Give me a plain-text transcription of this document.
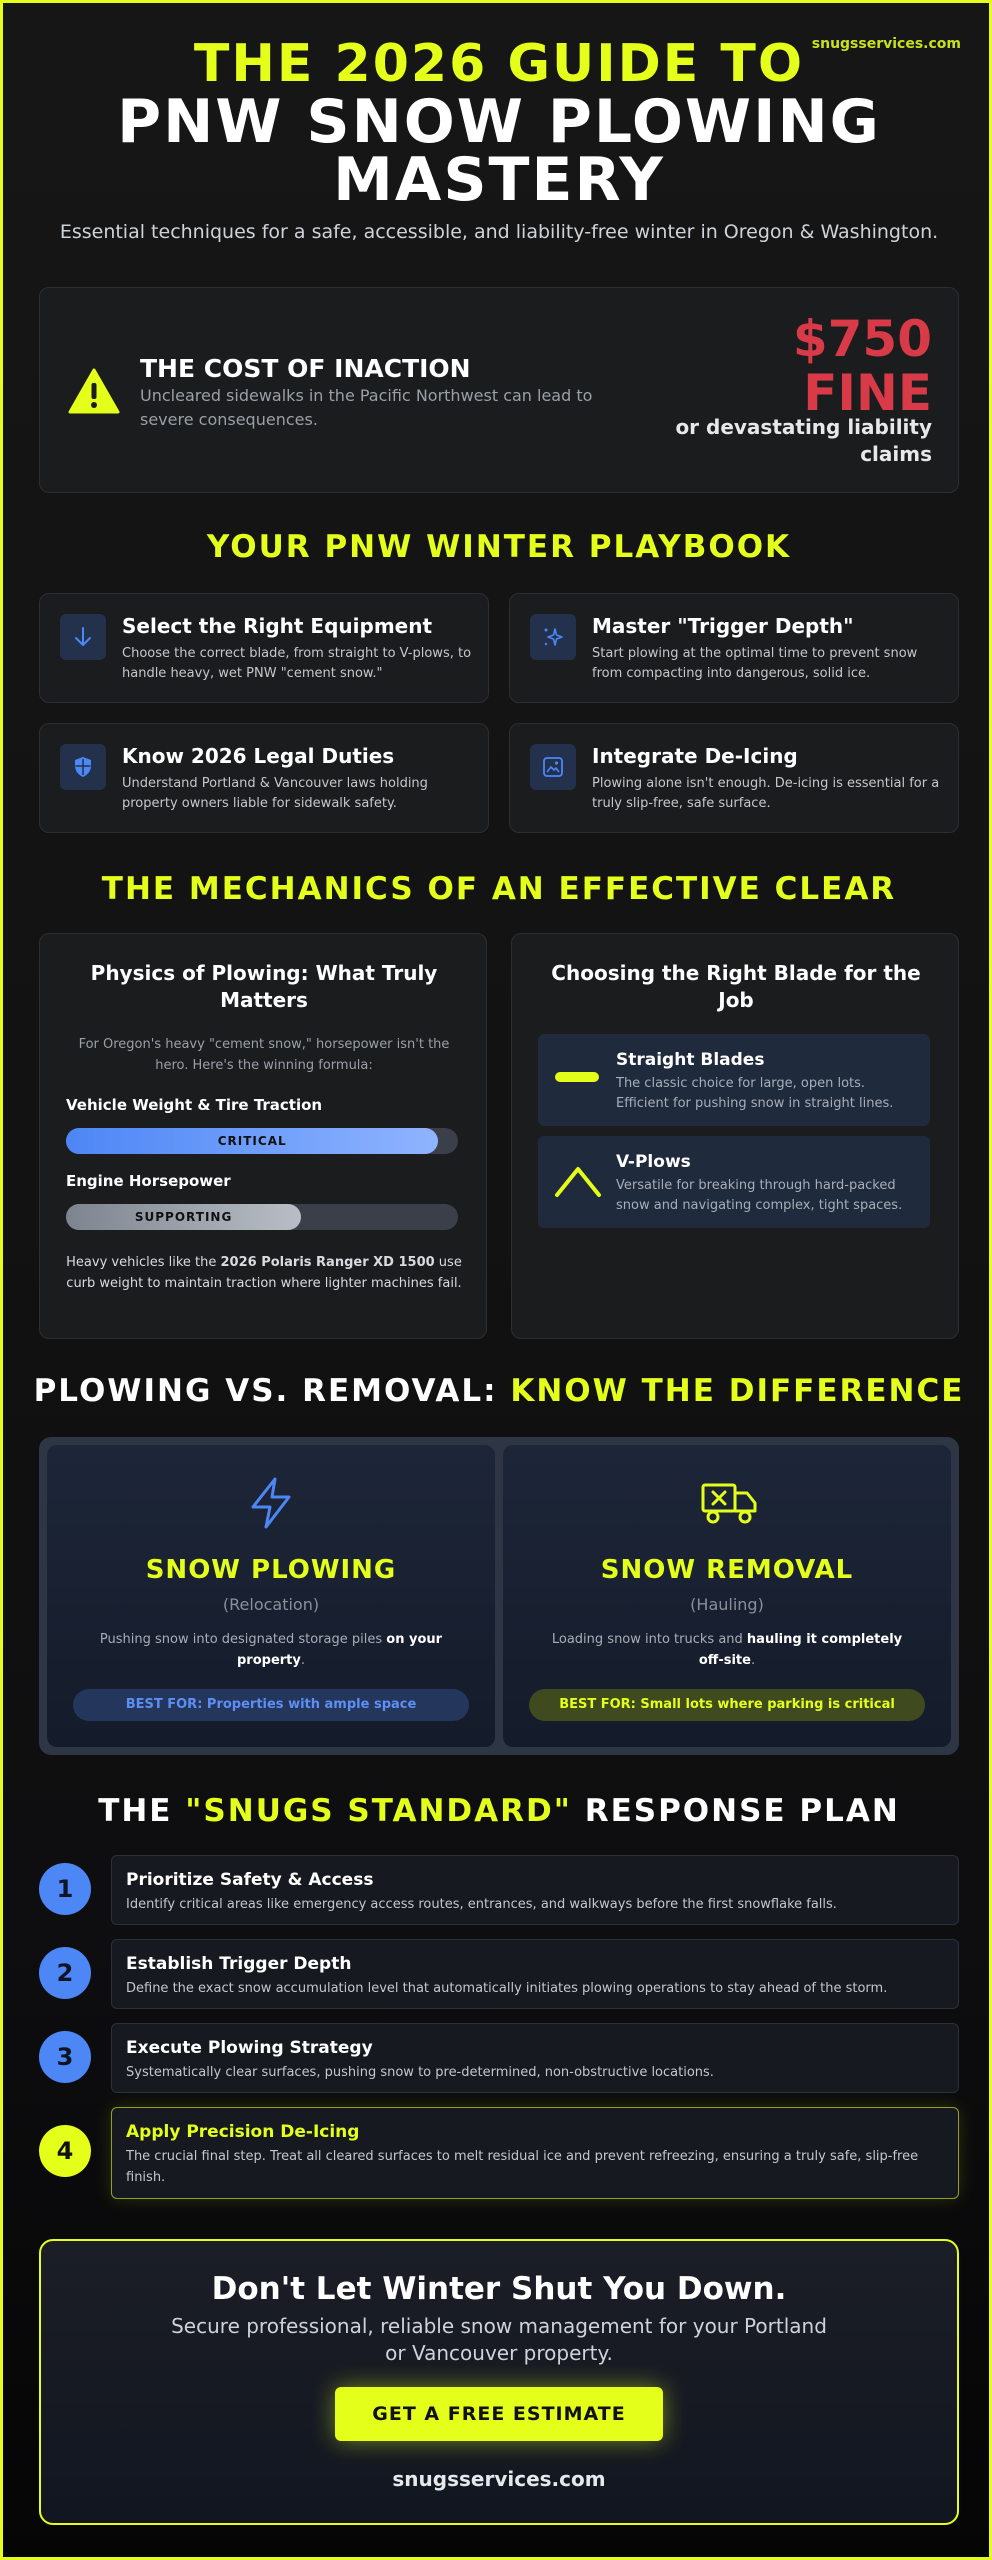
snugsservices.com
THE 2026 GUIDE TO
PNW SNOW PLOWING
MASTERY
Essential techniques for a safe, accessible, and liability-free winter in Oregon & Washington.
THE COST OF INACTION
Uncleared sidewalks in the Pacific Northwest can lead to severe consequences.
$750
FINE
or devastating liability claims
YOUR PNW WINTER PLAYBOOK
Select the Right Equipment
Choose the correct blade, from straight to V-plows, to handle heavy, wet PNW "cement snow."
Master "Trigger Depth"
Start plowing at the optimal time to prevent snow from compacting into dangerous, solid ice.
Know 2026 Legal Duties
Understand Portland & Vancouver laws holding property owners liable for sidewalk safety.
Integrate De-Icing
Plowing alone isn't enough. De-icing is essential for a truly slip-free, safe surface.
THE MECHANICS OF AN EFFECTIVE CLEAR
Physics of Plowing: What Truly Matters
For Oregon's heavy "cement snow," horsepower isn't the hero. Here's the winning formula:
Vehicle Weight & Tire Traction
CRITICAL
Engine Horsepower
SUPPORTING
Heavy vehicles like the 2026 Polaris Ranger XD 1500 use curb weight to maintain traction where lighter machines fail.
Choosing the Right Blade for the Job
Straight Blades
The classic choice for large, open lots. Efficient for pushing snow in straight lines.
V-Plows
Versatile for breaking through hard-packed snow and navigating complex, tight spaces.
PLOWING VS. REMOVAL: KNOW THE DIFFERENCE
SNOW PLOWING
(Relocation)
Pushing snow into designated storage piles on your property.
BEST FOR: Properties with ample space
SNOW REMOVAL
(Hauling)
Loading snow into trucks and hauling it completely off-site.
BEST FOR: Small lots where parking is critical
THE "SNUGS STANDARD" RESPONSE PLAN
1	Prioritize Safety & Access
Identify critical areas like emergency access routes, entrances, and walkways before the first snowflake falls.
2	Establish Trigger Depth
Define the exact snow accumulation level that automatically initiates plowing operations to stay ahead of the storm.
3	Execute Plowing Strategy
Systematically clear surfaces, pushing snow to pre-determined, non-obstructive locations.
4
Apply Precision De-Icing
The crucial final step. Treat all cleared surfaces to melt residual ice and prevent refreezing, ensuring a truly safe, slip-free finish.
Don't Let Winter Shut You Down.
Secure professional, reliable snow management for your Portland or Vancouver property.
GET A FREE ESTIMATE
snugsservices.com
